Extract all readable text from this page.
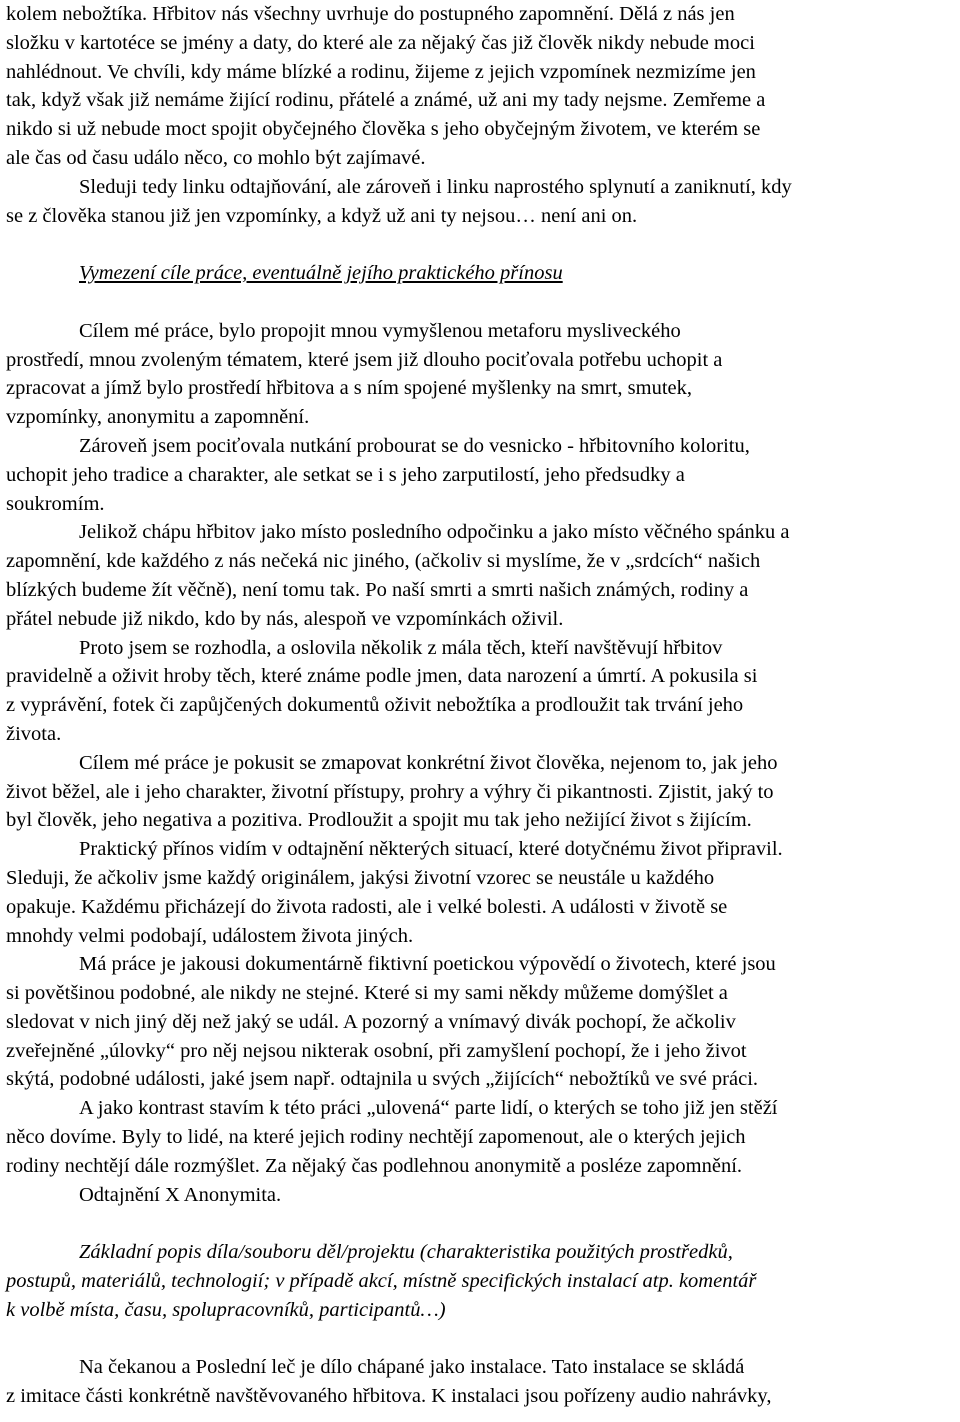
kolem nebožtíka. Hřbitov nás všechny uvrhuje do postupného zapomnění. Dělá z nás jen
složku v kartotéce se jmény a daty, do které ale za nějaký čas již člověk nikdy nebude moci
nahlédnout. Ve chvíli, kdy máme blízké a rodinu, žijeme z jejich vzpomínek nezmizíme jen
tak, když však již nemáme žijící rodinu, přátelé a známé, už ani my tady nejsme. Zemřeme a
nikdo si už nebude moct spojit obyčejného člověka s jeho obyčejným životem, ve kterém se
ale čas od času událo něco, co mohlo být zajímavé.
Sleduji tedy linku odtajňování, ale zároveň i linku naprostého splynutí a zaniknutí, kdy
se z člověka stanou již jen vzpomínky, a když už ani ty nejsou… není ani on.
Vymezení cíle práce, eventuálně jejího praktického přínosu
Cílem mé práce, bylo propojit mnou vymyšlenou metaforu mysliveckého
prostředí, mnou zvoleným tématem, které jsem již dlouho pociťovala potřebu uchopit a
zpracovat a jímž bylo prostředí hřbitova a s ním spojené myšlenky na smrt, smutek,
vzpomínky, anonymitu a zapomnění.
Zároveň jsem pociťovala nutkání probourat se do vesnicko - hřbitovního koloritu,
uchopit jeho tradice a charakter, ale setkat se i s jeho zarputilostí, jeho předsudky a
soukromím.
Jelikož chápu hřbitov jako místo posledního odpočinku a jako místo věčného spánku a
zapomnění, kde každého z nás nečeká nic jiného, (ačkoliv si myslíme, že v „srdcích“ našich
blízkých budeme žít věčně), není tomu tak. Po naší smrti a smrti našich známých, rodiny a
přátel nebude již nikdo, kdo by nás, alespoň ve vzpomínkách oživil.
Proto jsem se rozhodla, a oslovila několik z mála těch, kteří navštěvují hřbitov
pravidelně a oživit hroby těch, které známe podle jmen, data narození a úmrtí. A pokusila si
z vyprávění, fotek či zapůjčených dokumentů oživit nebožtíka a prodloužit tak trvání jeho
života.
Cílem mé práce je pokusit se zmapovat konkrétní život člověka, nejenom to, jak jeho
život běžel, ale i jeho charakter, životní přístupy, prohry a výhry či pikantnosti. Zjistit, jaký to
byl člověk, jeho negativa a pozitiva. Prodloužit a spojit mu tak jeho nežijící život s žijícím.
Praktický přínos vidím v odtajnění některých situací, které dotyčnému život připravil.
Sleduji, že ačkoliv jsme každý originálem, jakýsi životní vzorec se neustále u každého
opakuje. Každému přicházejí do života radosti, ale i velké bolesti. A události v životě se
mnohdy velmi podobají, událostem života jiných.
Má práce je jakousi dokumentárně fiktivní poetickou výpovědí o životech, které jsou
si povětšinou podobné, ale nikdy ne stejné. Které si my sami někdy můžeme domýšlet a
sledovat v nich jiný děj než jaký se udál. A pozorný a vnímavý divák pochopí, že ačkoliv
zveřejněné „úlovky“ pro něj nejsou nikterak osobní, při zamyšlení pochopí, že i jeho život
skýtá, podobné události, jaké jsem např. odtajnila u svých „žijících“ nebožtíků ve své práci.
A jako kontrast stavím k této práci „ulovená“ parte lidí, o kterých se toho již jen stěží
něco dovíme. Byly to lidé, na které jejich rodiny nechtějí zapomenout, ale o kterých jejich
rodiny nechtějí dále rozmýšlet. Za nějaký čas podlehnou anonymitě a posléze zapomnění.
Odtajnění X Anonymita.
Základní popis díla/souboru děl/projektu (charakteristika použitých prostředků,
postupů, materiálů, technologií; v případě akcí, místně specifických instalací atp. komentář
k volbě místa, času, spolupracovníků, participantů…)
Na čekanou a Poslední leč je dílo chápané jako instalace. Tato instalace se skládá
z imitace části konkrétně navštěvovaného hřbitova. K instalaci jsou pořízeny audio nahrávky,
